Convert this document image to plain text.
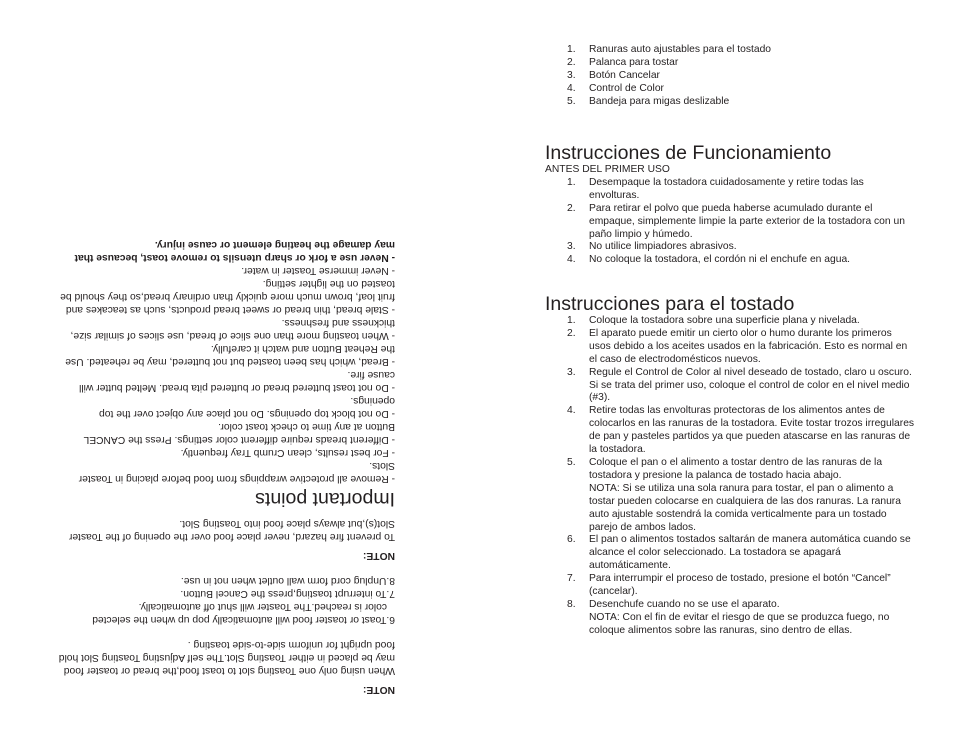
1. Ranuras auto ajustables para el tostado
2. Palanca para tostar
3. Botón Cancelar
4. Control de Color
5. Bandeja para migas deslizable
Instrucciones de Funcionamiento

ANTES DEL PRIMER USO

1. Desempaque la tostadora cuidadosamente y retire todas las envolturas.
2. Para retirar el polvo que pueda haberse acumulado durante el empaque, simplemente limpie la parte exterior de la tostadora con un paño limpio y húmedo.
3. No utilice limpiadores abrasivos.
4. No coloque la tostadora, el cordón ni el enchufe en agua.
Instrucciones para el tostado
1. Coloque la tostadora sobre una superficie plana y nivelada.
2. El aparato puede emitir un cierto olor o humo durante los primeros usos debido a los aceites usados en la fabricación. Esto es normal en el caso de electrodomésticos nuevos.
3. Regule el Control de Color al nivel deseado de tostado, claro u oscuro. Si se trata del primer uso, coloque el control de color en el nivel medio (#3).
4. Retire todas las envolturas protectoras de los alimentos antes de colocarlos en las ranuras de la tostadora. Evite tostar trozos irregulares de pan y pasteles partidos ya que pueden atascarse en las ranuras de la tostadora.
5. Coloque el pan o el alimento a tostar dentro de las ranuras de la tostadora y presione la palanca de tostado hacia abajo.
NOTA: Si se utiliza una sola ranura para tostar, el pan o alimento a tostar pueden colocarse en cualquiera de las dos ranuras. La ranura auto ajustable sostendrá la comida verticalmente para un tostado parejo de ambos lados.
6. El pan o alimentos tostados saltarán de manera automática cuando se alcance el color seleccionado. La tostadora se apagará automáticamente.
7. Para interrumpir el proceso de tostado, presione el botón “Cancel” (cancelar).
8. Desenchufe cuando no se use el aparato.
NOTA: Con el fin de evitar el riesgo de que se produzca fuego, no coloque alimentos sobre las ranuras, sino dentro de ellas.

NOTE:

When using only one Toasting slot to toast food,the bread or toaster food may be placed in either Toasting Slot.The self Adjusting Toasting Slot hold food upright for uniform side-to-side toasting .

6.Toast or toaster food will automatically pop up when the selected

color is reached.The Toaster will shut off automatically.

7.To interrupt toasting,press the Cancel Button.

8.Unplug cord form wall outlet when not in use.

NOTE:

To prevent fire hazard, never place food over the opening of the Toaster Slot(s),but always place food into Toasting Slot.

Important points

- Remove all protective wrappings from food before placing in Toaster Slots.

- For best results, clean Crumb Tray frequently.

- Different breads require different color settings. Press the CANCEL Button at any time to check toast color.

- Do not block top openings. Do not place any object over the top openings.

- Do not toast buttered bread or buttered pita bread. Melted butter will cause fire.

- Bread, which has been toasted but not buttered, may be reheated. Use the Reheat Button and watch it carefully.

- When toasting more than one slice of bread, use slices of similar size, thickness and freshness.

- Stale bread, thin bread or sweet bread products, such as teacakes and fruit loaf, brown much more quickly than ordinary bread,so they should be toasted on the lighter setting.

- Never immerse Toaster in water.

- Never use a fork or sharp utensils to remove toast, because that may damage the heating element or cause injury.
